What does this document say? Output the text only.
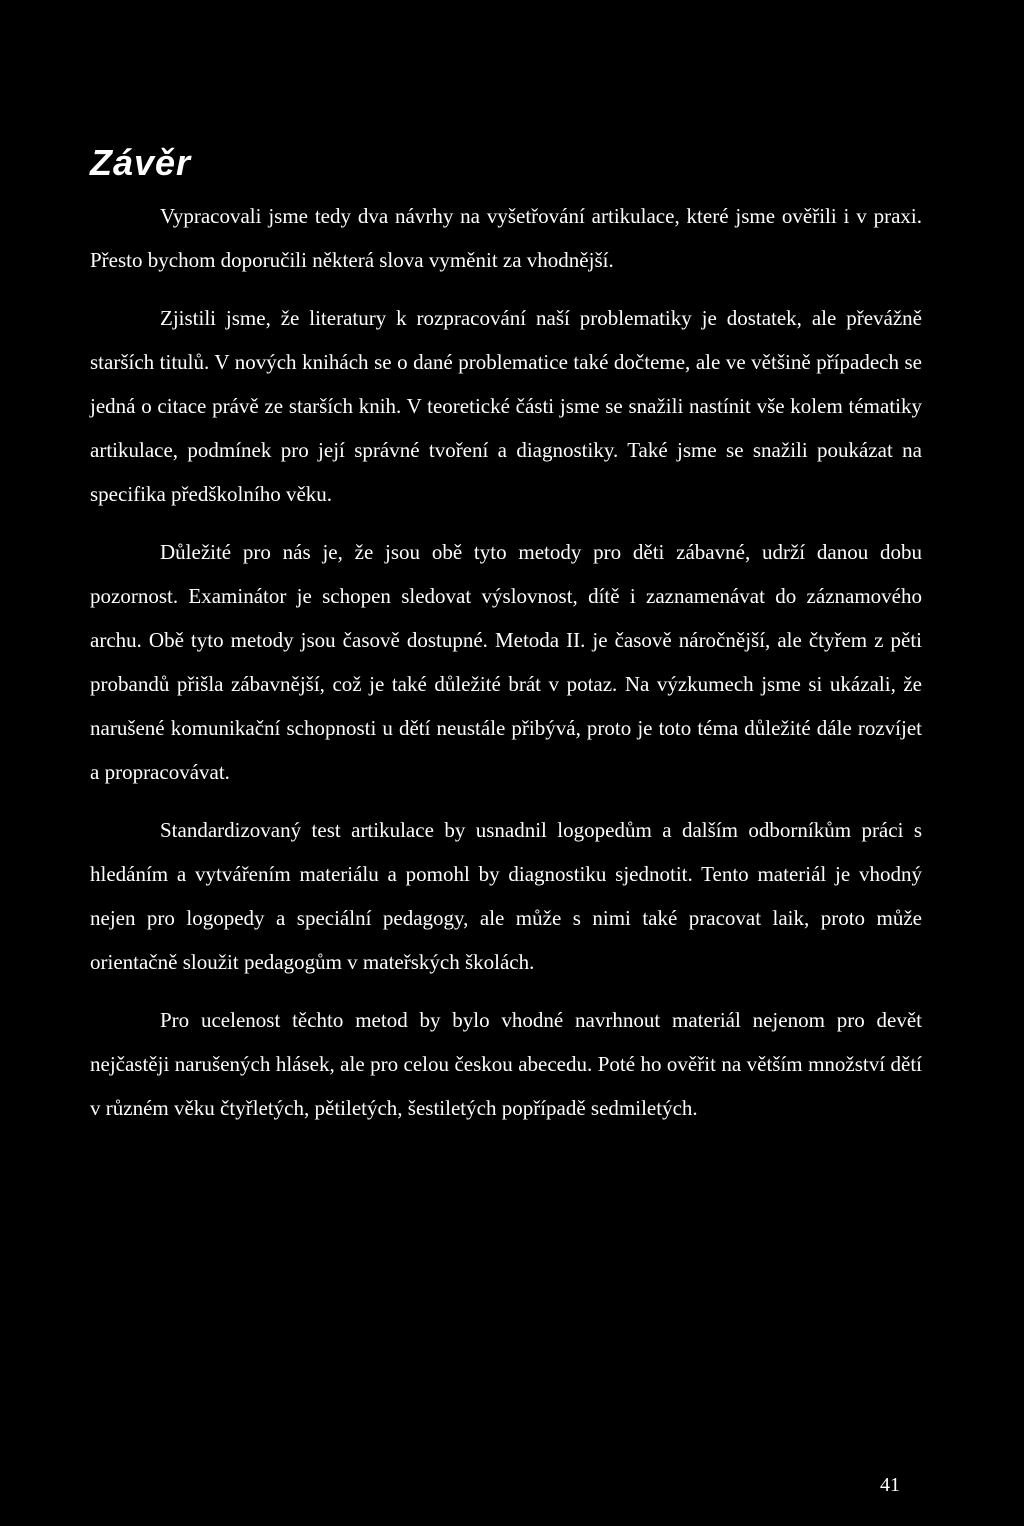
Závěr

Vypracovali jsme tedy dva návrhy na vyšetřování artikulace, které jsme ověřili i v praxi. Přesto bychom doporučili některá slova vyměnit za vhodnější.

Zjistili jsme, že literatury k rozpracování naší problematiky je dostatek, ale převážně starších titulů. V nových knihách se o dané problematice také dočteme, ale ve většině případech se jedná o citace právě ze starších knih. V teoretické části jsme se snažili nastínit vše kolem tématiky artikulace, podmínek pro její správné tvoření a diagnostiky. Také jsme se snažili poukázat na specifika předškolního věku.

Důležité pro nás je, že jsou obě tyto metody pro děti zábavné, udrží danou dobu pozornost. Examinátor je schopen sledovat výslovnost, dítě i zaznamenávat do záznamového archu. Obě tyto metody jsou časově dostupné. Metoda II. je časově náročnější, ale čtyřem z pěti probandů přišla zábavnější, což je také důležité brát v potaz. Na výzkumech jsme si ukázali, že narušené komunikační schopnosti u dětí neustále přibývá, proto je toto téma důležité dále rozvíjet a propracovávat.

Standardizovaný test artikulace by usnadnil logopedům a dalším odborníkům práci s hledáním a vytvářením materiálu a pomohl by diagnostiku sjednotit. Tento materiál je vhodný nejen pro logopedy a speciální pedagogy, ale může s nimi také pracovat laik, proto může orientačně sloužit pedagogům v mateřských školách.

Pro ucelenost těchto metod by bylo vhodné navrhnout materiál nejenom pro devět nejčastěji narušených hlásek, ale pro celou českou abecedu. Poté ho ověřit na větším množství dětí v různém věku čtyřletých, pětiletých, šestiletých popřípadě sedmiletých.

41
